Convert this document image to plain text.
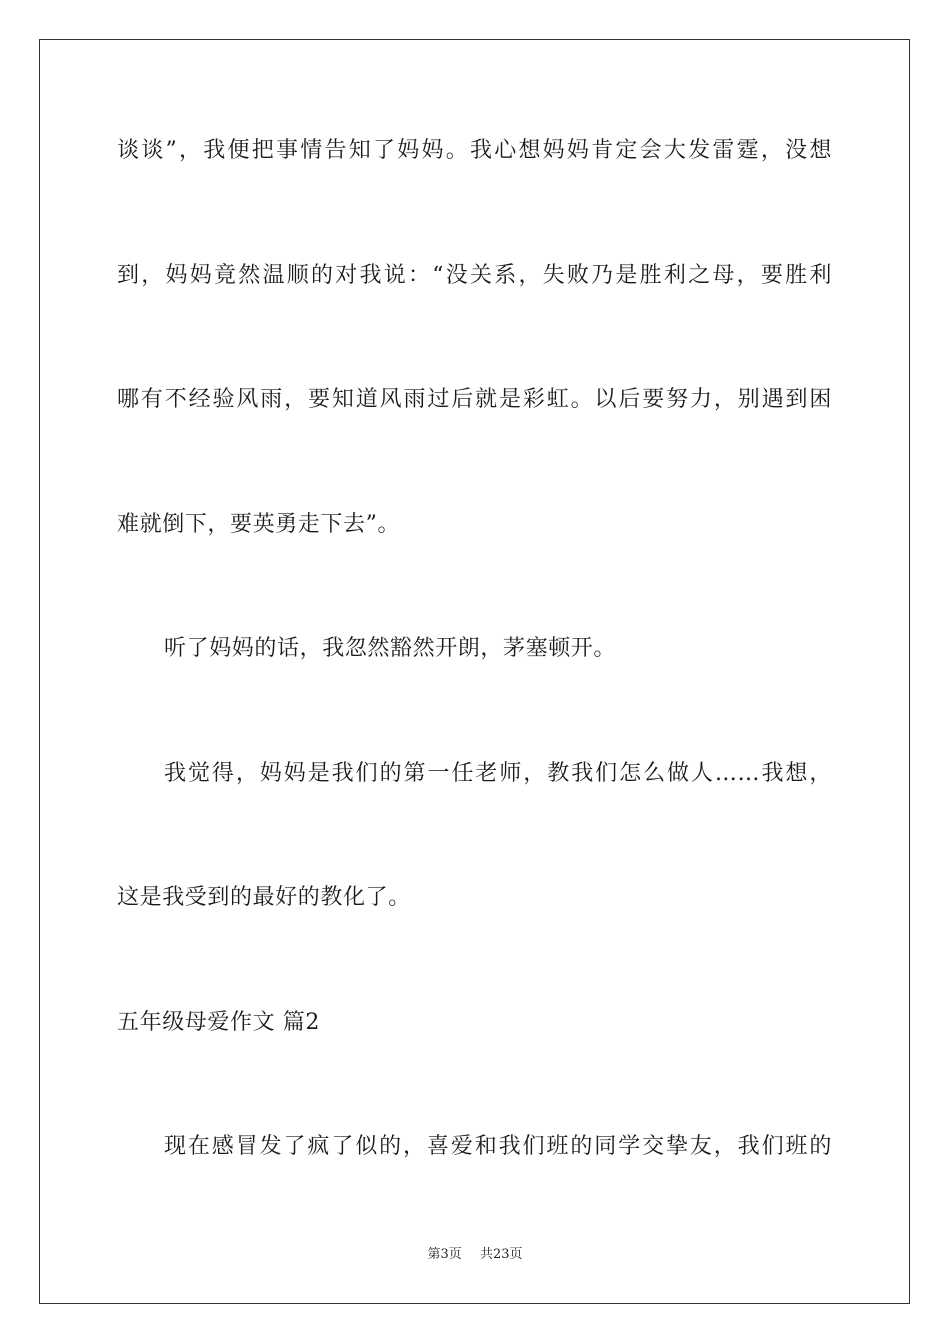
谈谈”，我便把事情告知了妈妈。我心想妈妈肯定会大发雷霆，没想
到，妈妈竟然温顺的对我说：“没关系，失败乃是胜利之母，要胜利
哪有不经验风雨，要知道风雨过后就是彩虹。以后要努力，别遇到困
难就倒下，要英勇走下去”。
听了妈妈的话，我忽然豁然开朗，茅塞顿开。
我觉得，妈妈是我们的第一任老师，教我们怎么做人……我想，
这是我受到的最好的教化了。
五年级母爱作文 篇2
现在感冒发了疯了似的，喜爱和我们班的同学交挚友，我们班的
第3页 共23页
